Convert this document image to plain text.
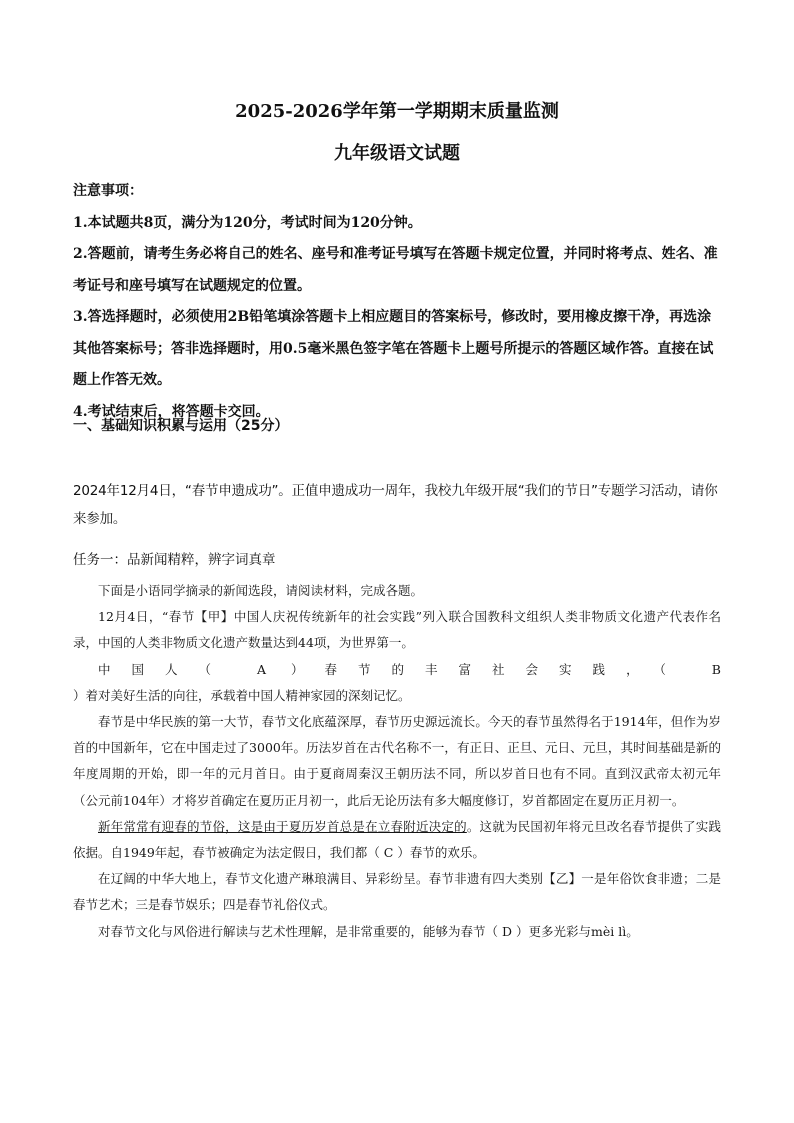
2025-2026学年第一学期期末质量监测
九年级语文试题

注意事项：

1.本试题共8页，满分为120分，考试时间为120分钟。

2.答题前，请考生务必将自己的姓名、座号和准考证号填写在答题卡规定位置，并同时将考点、姓名、准考证号和座号填写在试题规定的位置。

3.答选择题时，必须使用2B铅笔填涂答题卡上相应题目的答案标号，修改时，要用橡皮擦干净，再选涂其他答案标号；答非选择题时，用0.5毫米黑色签字笔在答题卡上题号所提示的答题区域作答。直接在试题上作答无效。

4.考试结束后，将答题卡交回。

一、基础知识积累与运用（25分）

2024年12月4日，“春节申遗成功”。正值申遗成功一周年，我校九年级开展“我们的节日”专题学习活动，请你来参加。

任务一：品新闻精粹，辨字词真章

下面是小语同学摘录的新闻选段，请阅读材料，完成各题。

12月4日，“春节【甲】中国人庆祝传统新年的社会实践”列入联合国教科文组织人类非物质文化遗产代表作名录，中国的人类非物质文化遗产数量达到44项，为世界第一。

中国人（ A ）春节的丰富社会实践，（ B

）着对美好生活的向往，承载着中国人精神家园的深刻记忆。

春节是中华民族的第一大节，春节文化底蕴深厚，春节历史源远流长。今天的春节虽然得名于1914年，但作为岁首的中国新年，它在中国走过了3000年。历法岁首在古代名称不一，有正日、正旦、元日、元旦，其时间基础是新的年度周期的开始，即一年的元月首日。由于夏商周秦汉王朝历法不同，所以岁首日也有不同。直到汉武帝太初元年（公元前104年）才将岁首确定在夏历正月初一，此后无论历法有多大幅度修订，岁首都固定在夏历正月初一。

新年常常有迎春的节俗，这是由于夏历岁首总是在立春附近决定的。这就为民国初年将元旦改名春节提供了实践依据。自1949年起，春节被确定为法定假日，我们都（ C ）春节的欢乐。

在辽阔的中华大地上，春节文化遗产琳琅满目、异彩纷呈。春节非遗有四大类别【乙】一是年俗饮食非遗；二是春节艺术；三是春节娱乐；四是春节礼俗仪式。

对春节文化与风俗进行解读与艺术性理解，是非常重要的，能够为春节（ D ）更多光彩与mèi lì。
